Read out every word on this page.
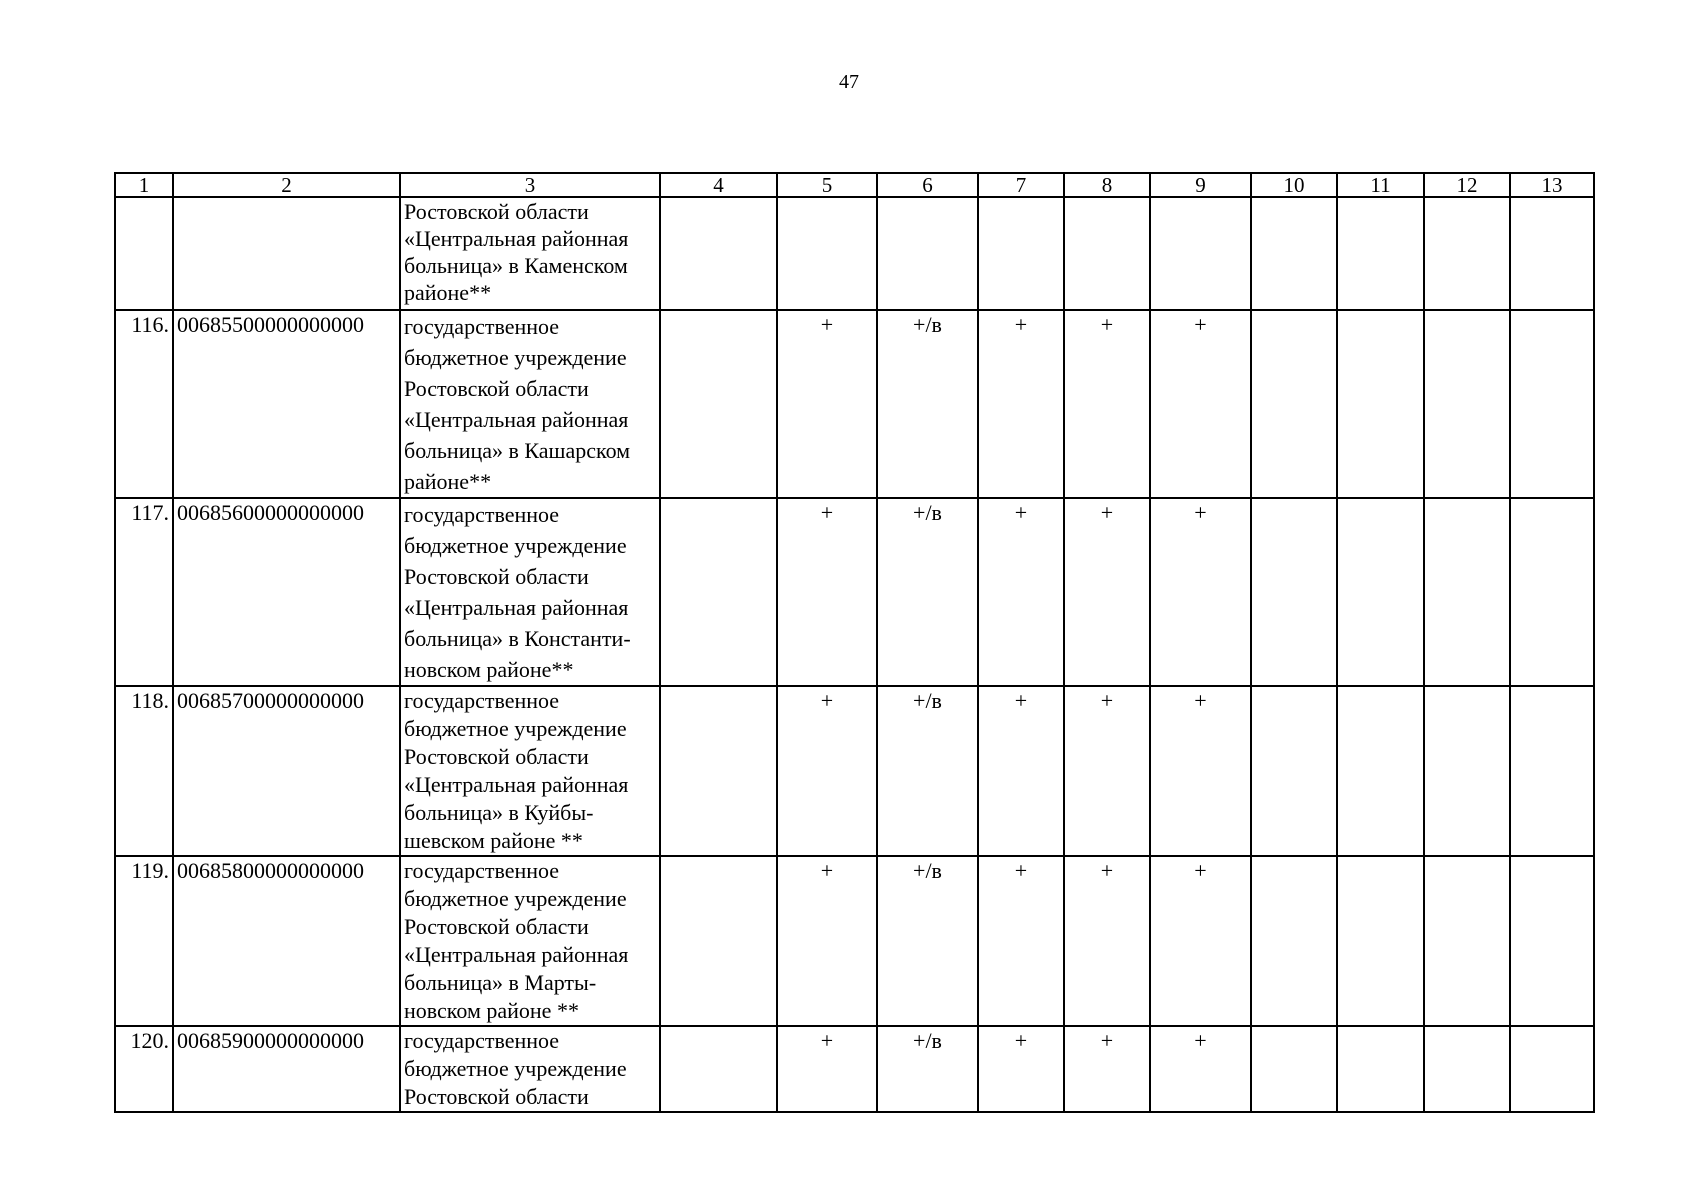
47
1	2	3	4	5	6	7	8	9	10	11	12	13
		Ростовской области «Центральная районная больница» в Каменском районе**										
116.	00685500000000000	государственное бюджетное учреждение Ростовской области «Центральная районная больница» в Кашарском районе**		+	+/в	+	+	+				
117.	00685600000000000	государственное бюджетное учреждение Ростовской области «Центральная районная больница» в Константи-новском районе**		+	+/в	+	+	+				
118.	00685700000000000	государственное бюджетное учреждение Ростовской области «Центральная районная больница» в Куйбы-шевском районе **		+	+/в	+	+	+				
119.	00685800000000000	государственное бюджетное учреждение Ростовской области «Центральная районная больница» в Марты-новском районе **		+	+/в	+	+	+				
120.	00685900000000000	государственное бюджетное учреждение Ростовской области		+	+/в	+	+	+				
